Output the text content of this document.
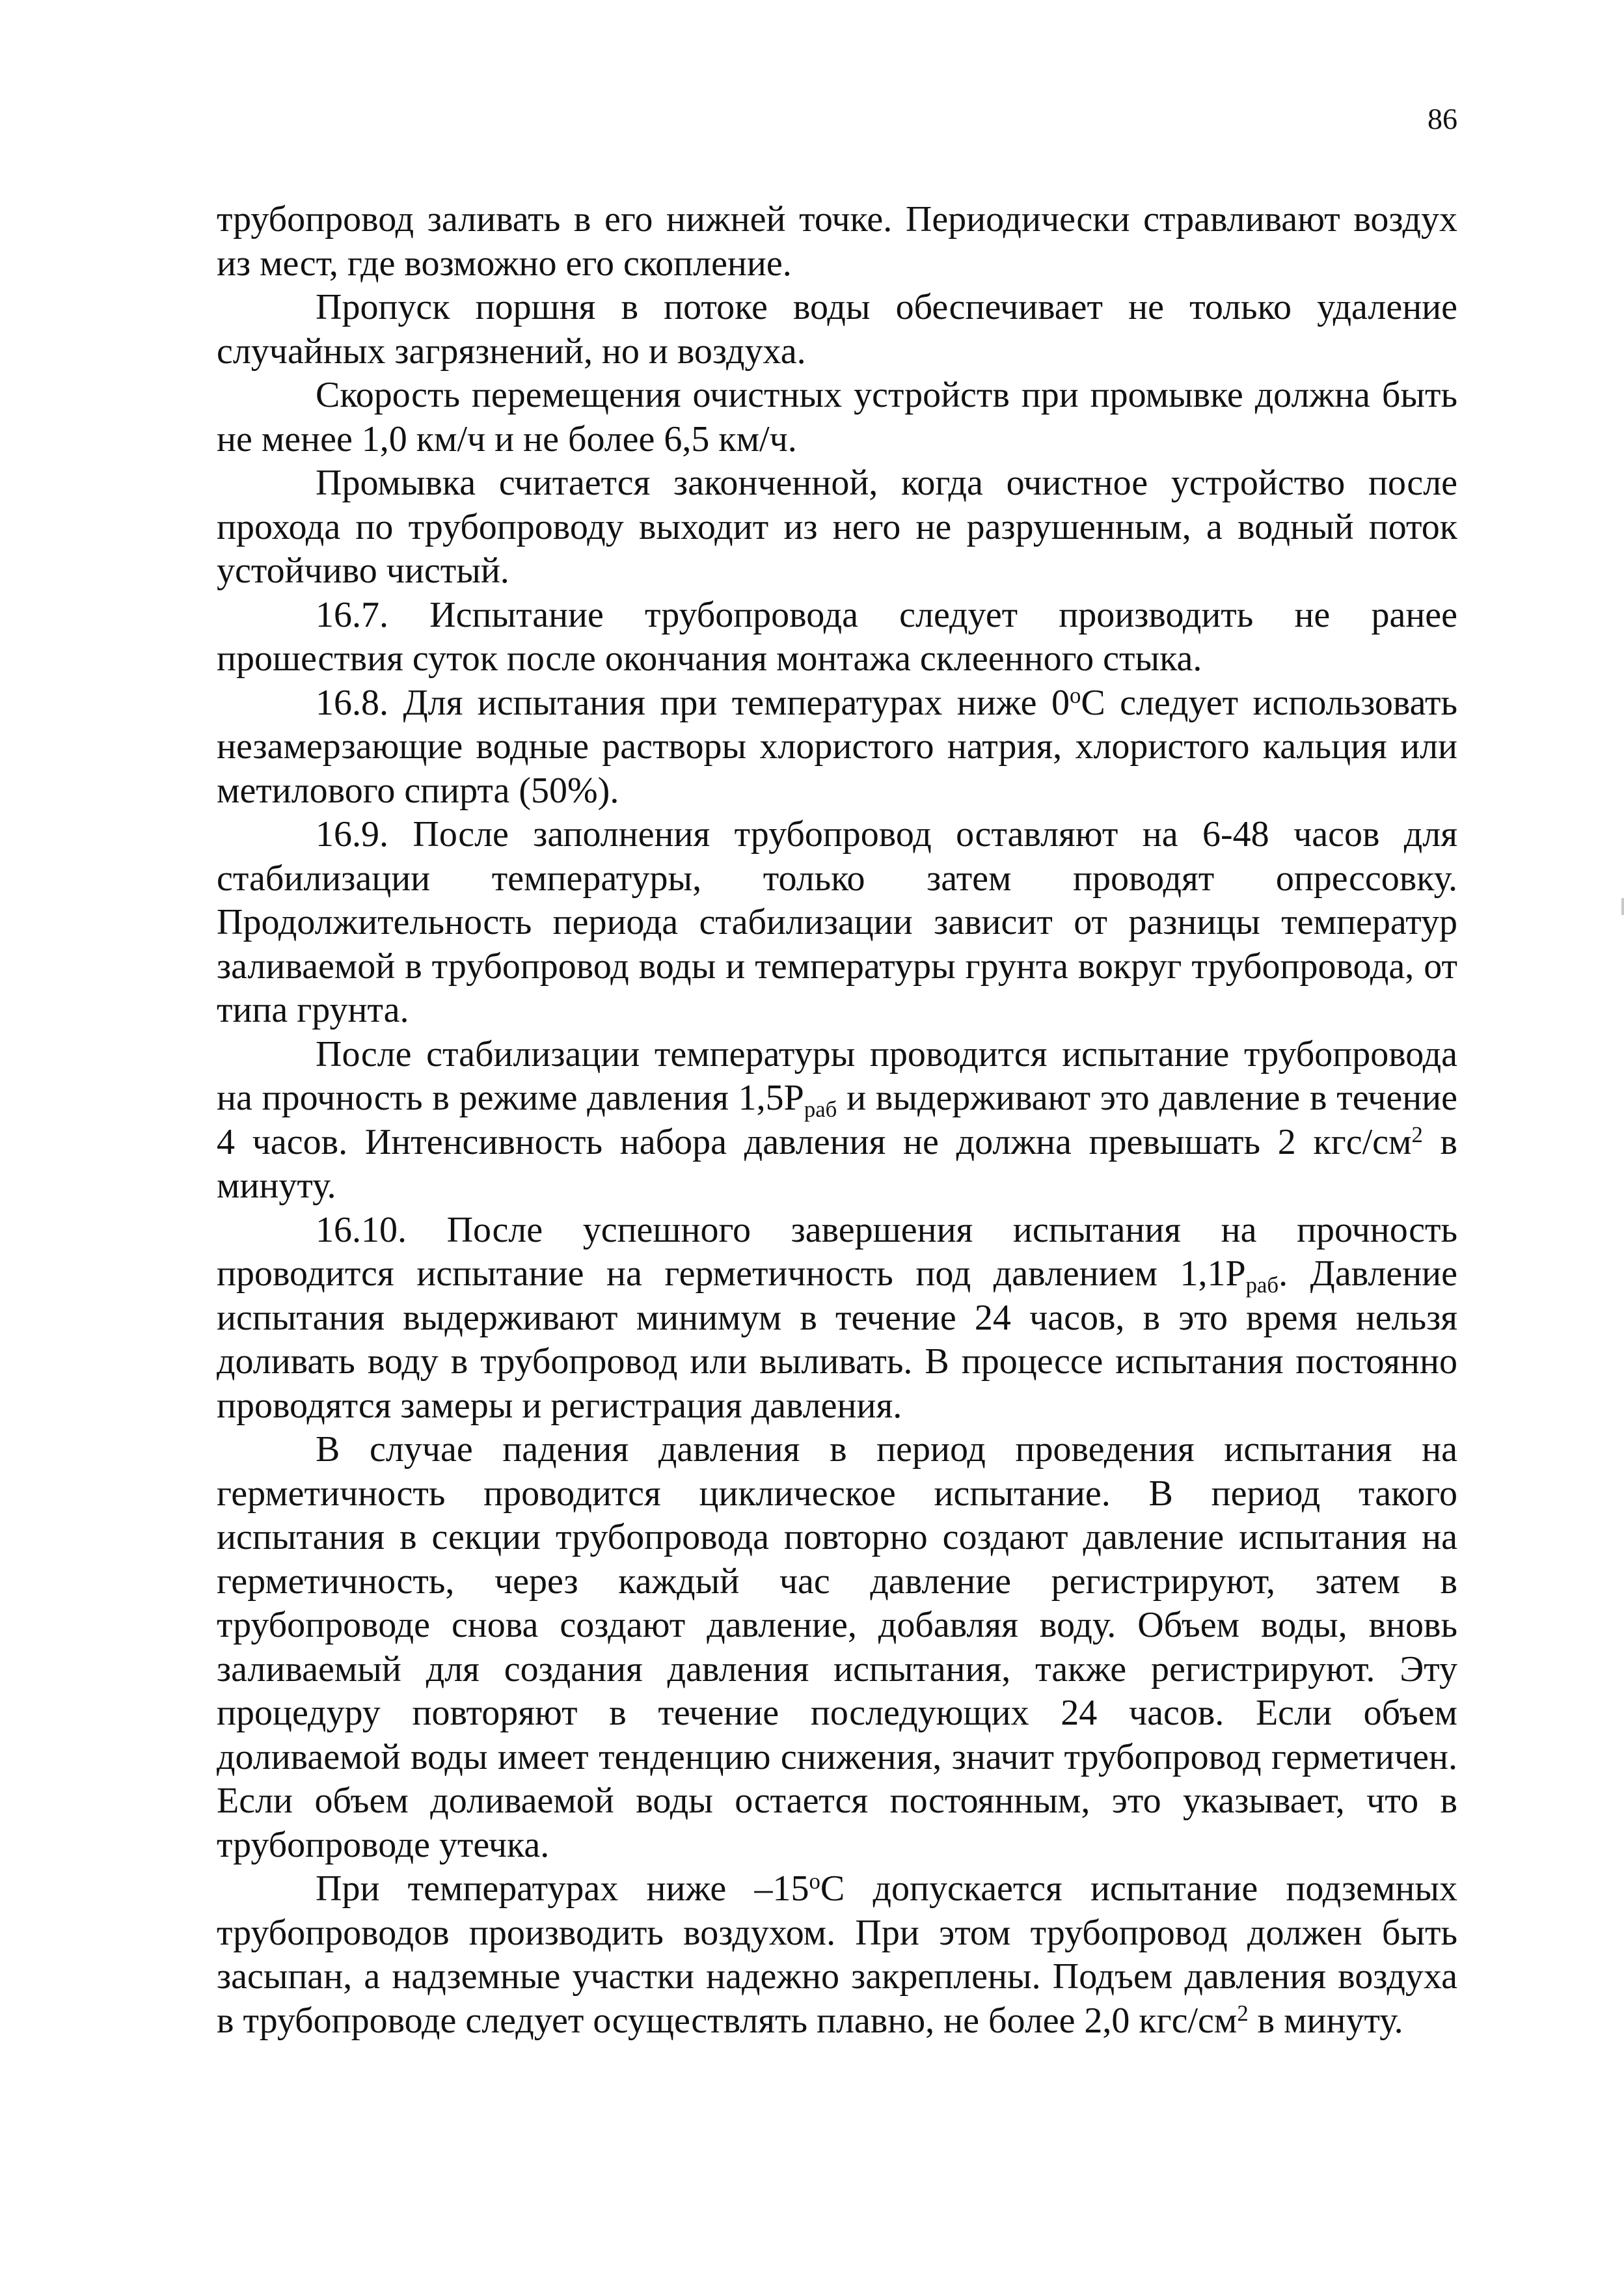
86

трубопровод заливать в его нижней точке. Периодически стравливают воздух из мест, где возможно его скопление.

Пропуск поршня в потоке воды обеспечивает не только удаление случайных загрязнений, но и воздуха.

Скорость перемещения очистных устройств при промывке должна быть не менее 1,0 км/ч и не более 6,5 км/ч.

Промывка считается законченной, когда очистное устройство после прохода по трубопроводу выходит из него не разрушенным, а водный поток устойчиво чистый.

16.7. Испытание трубопровода следует производить не ранее прошествия суток после окончания монтажа склеенного стыка.

16.8. Для испытания при температурах ниже 0$^o$С следует использовать незамерзающие водные растворы хлористого натрия, хлористого кальция или метилового спирта (50%).

16.9. После заполнения трубопровод оставляют на 6-48 часов для стабилизации температуры, только затем проводят опрессовку. Продолжительность периода стабилизации зависит от разницы температур заливаемой в трубопровод воды и температуры грунта вокруг трубопровода, от типа грунта.

После стабилизации температуры проводится испытание трубопровода на прочность в режиме давления $1,5Р_{раб}$ и выдерживают это давление в течение 4 часов. Интенсивность набора давления не должна превышать 2 кгс/$см^2$ в минуту.

16.10. После успешного завершения испытания на прочность проводится испытание на герметичность под давлением $1,1Р_{раб}$. Давление испытания выдерживают минимум в течение 24 часов, в это время нельзя доливать воду в трубопровод или выливать. В процессе испытания постоянно проводятся замеры и регистрация давления.

В случае падения давления в период проведения испытания на герметичность проводится циклическое испытание. В период такого испытания в секции трубопровода повторно создают давление испытания на герметичность, через каждый час давление регистрируют, затем в трубопроводе снова создают давление, добавляя воду. Объем воды, вновь заливаемый для создания давления испытания, также регистрируют. Эту процедуру повторяют в течение последующих 24 часов. Если объем доливаемой воды имеет тенденцию снижения, значит трубопровод герметичен. Если объем доливаемой воды остается постоянным, это указывает, что в трубопроводе утечка.

При температурах ниже –15$^o$С допускается испытание подземных трубопроводов производить воздухом. При этом трубопровод должен быть засыпан, а надземные участки надежно закреплены. Подъем давления воздуха в трубопроводе следует осуществлять плавно, не более 2,0 кгс/$см^2$ в минуту.
